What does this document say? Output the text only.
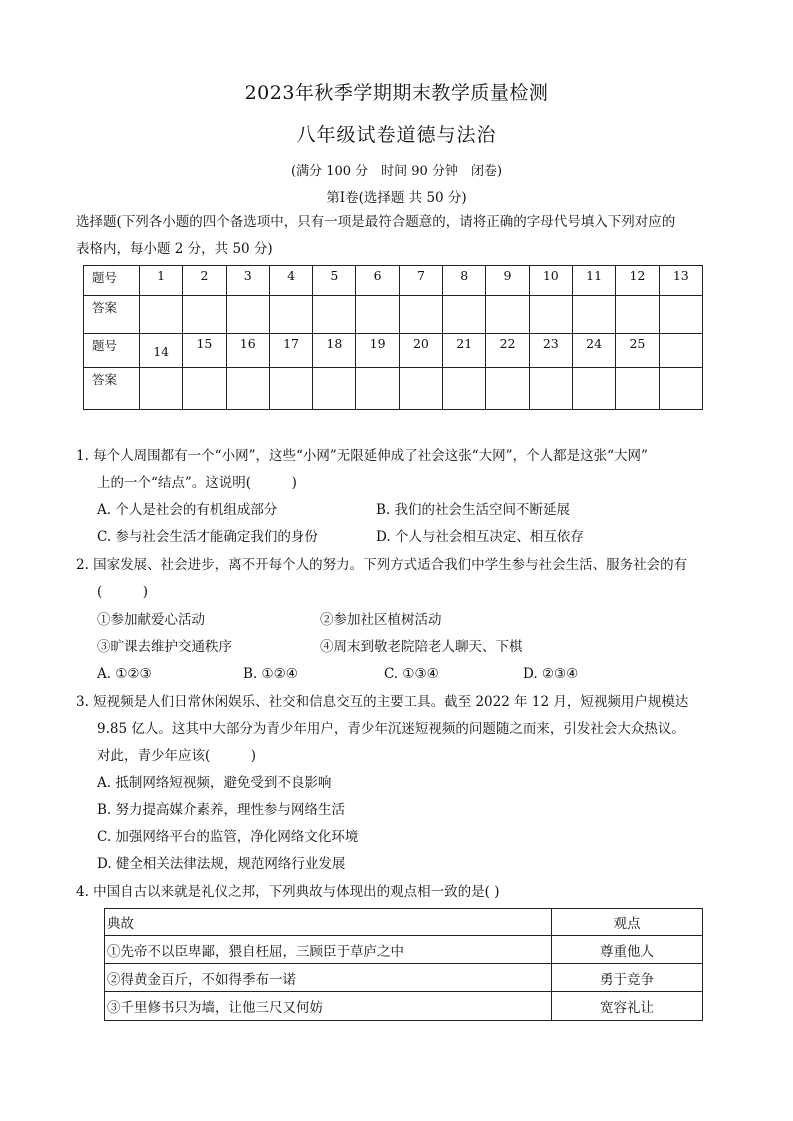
2023年秋季学期期末教学质量检测
八年级试卷道德与法治
(满分 100 分　时间 90 分钟　闭卷)
第Ⅰ卷(选择题 共 50 分)
选择题(下列各小题的四个备选项中，只有一项是最符合题意的，请将正确的字母代号填入下列对应的
表格内，每小题 2 分，共 50 分)
题号	1	2	3	4	5	6	7	8	9	10	11	12	13
答案													
题号	14	15	16	17	18	19	20	21	22	23	24	25	
答案													
1. 每个人周围都有一个“小网”，这些“小网”无限延伸成了社会这张“大网”，个人都是这张“大网”
上的一个“结点”。这说明(　　　)
A. 个人是社会的有机组成部分	B. 我们的社会生活空间不断延展
C. 参与社会生活才能确定我们的身份	D. 个人与社会相互决定、相互依存
2. 国家发展、社会进步，离不开每个人的努力。下列方式适合我们中学生参与社会生活、服务社会的有
(　　　)
①参加献爱心活动	②参加社区植树活动
③旷课去维护交通秩序	④周末到敬老院陪老人聊天、下棋
A. ①②③	B. ①②④	C. ①③④	D. ②③④
3. 短视频是人们日常休闲娱乐、社交和信息交互的主要工具。截至 2022 年 12 月，短视频用户规模达
9.85 亿人。这其中大部分为青少年用户，青少年沉迷短视频的问题随之而来，引发社会大众热议。
对此，青少年应该(　　　)
A. 抵制网络短视频，避免受到不良影响
B. 努力提高媒介素养，理性参与网络生活
C. 加强网络平台的监管，净化网络文化环境
D. 健全相关法律法规，规范网络行业发展
4. 中国自古以来就是礼仪之邦，下列典故与体现出的观点相一致的是( )
典故	观点
①先帝不以臣卑鄙，猥自枉屈，三顾臣于草庐之中	尊重他人
②得黄金百斤，不如得季布一诺	勇于竞争
③千里修书只为墙，让他三尺又何妨	宽容礼让
